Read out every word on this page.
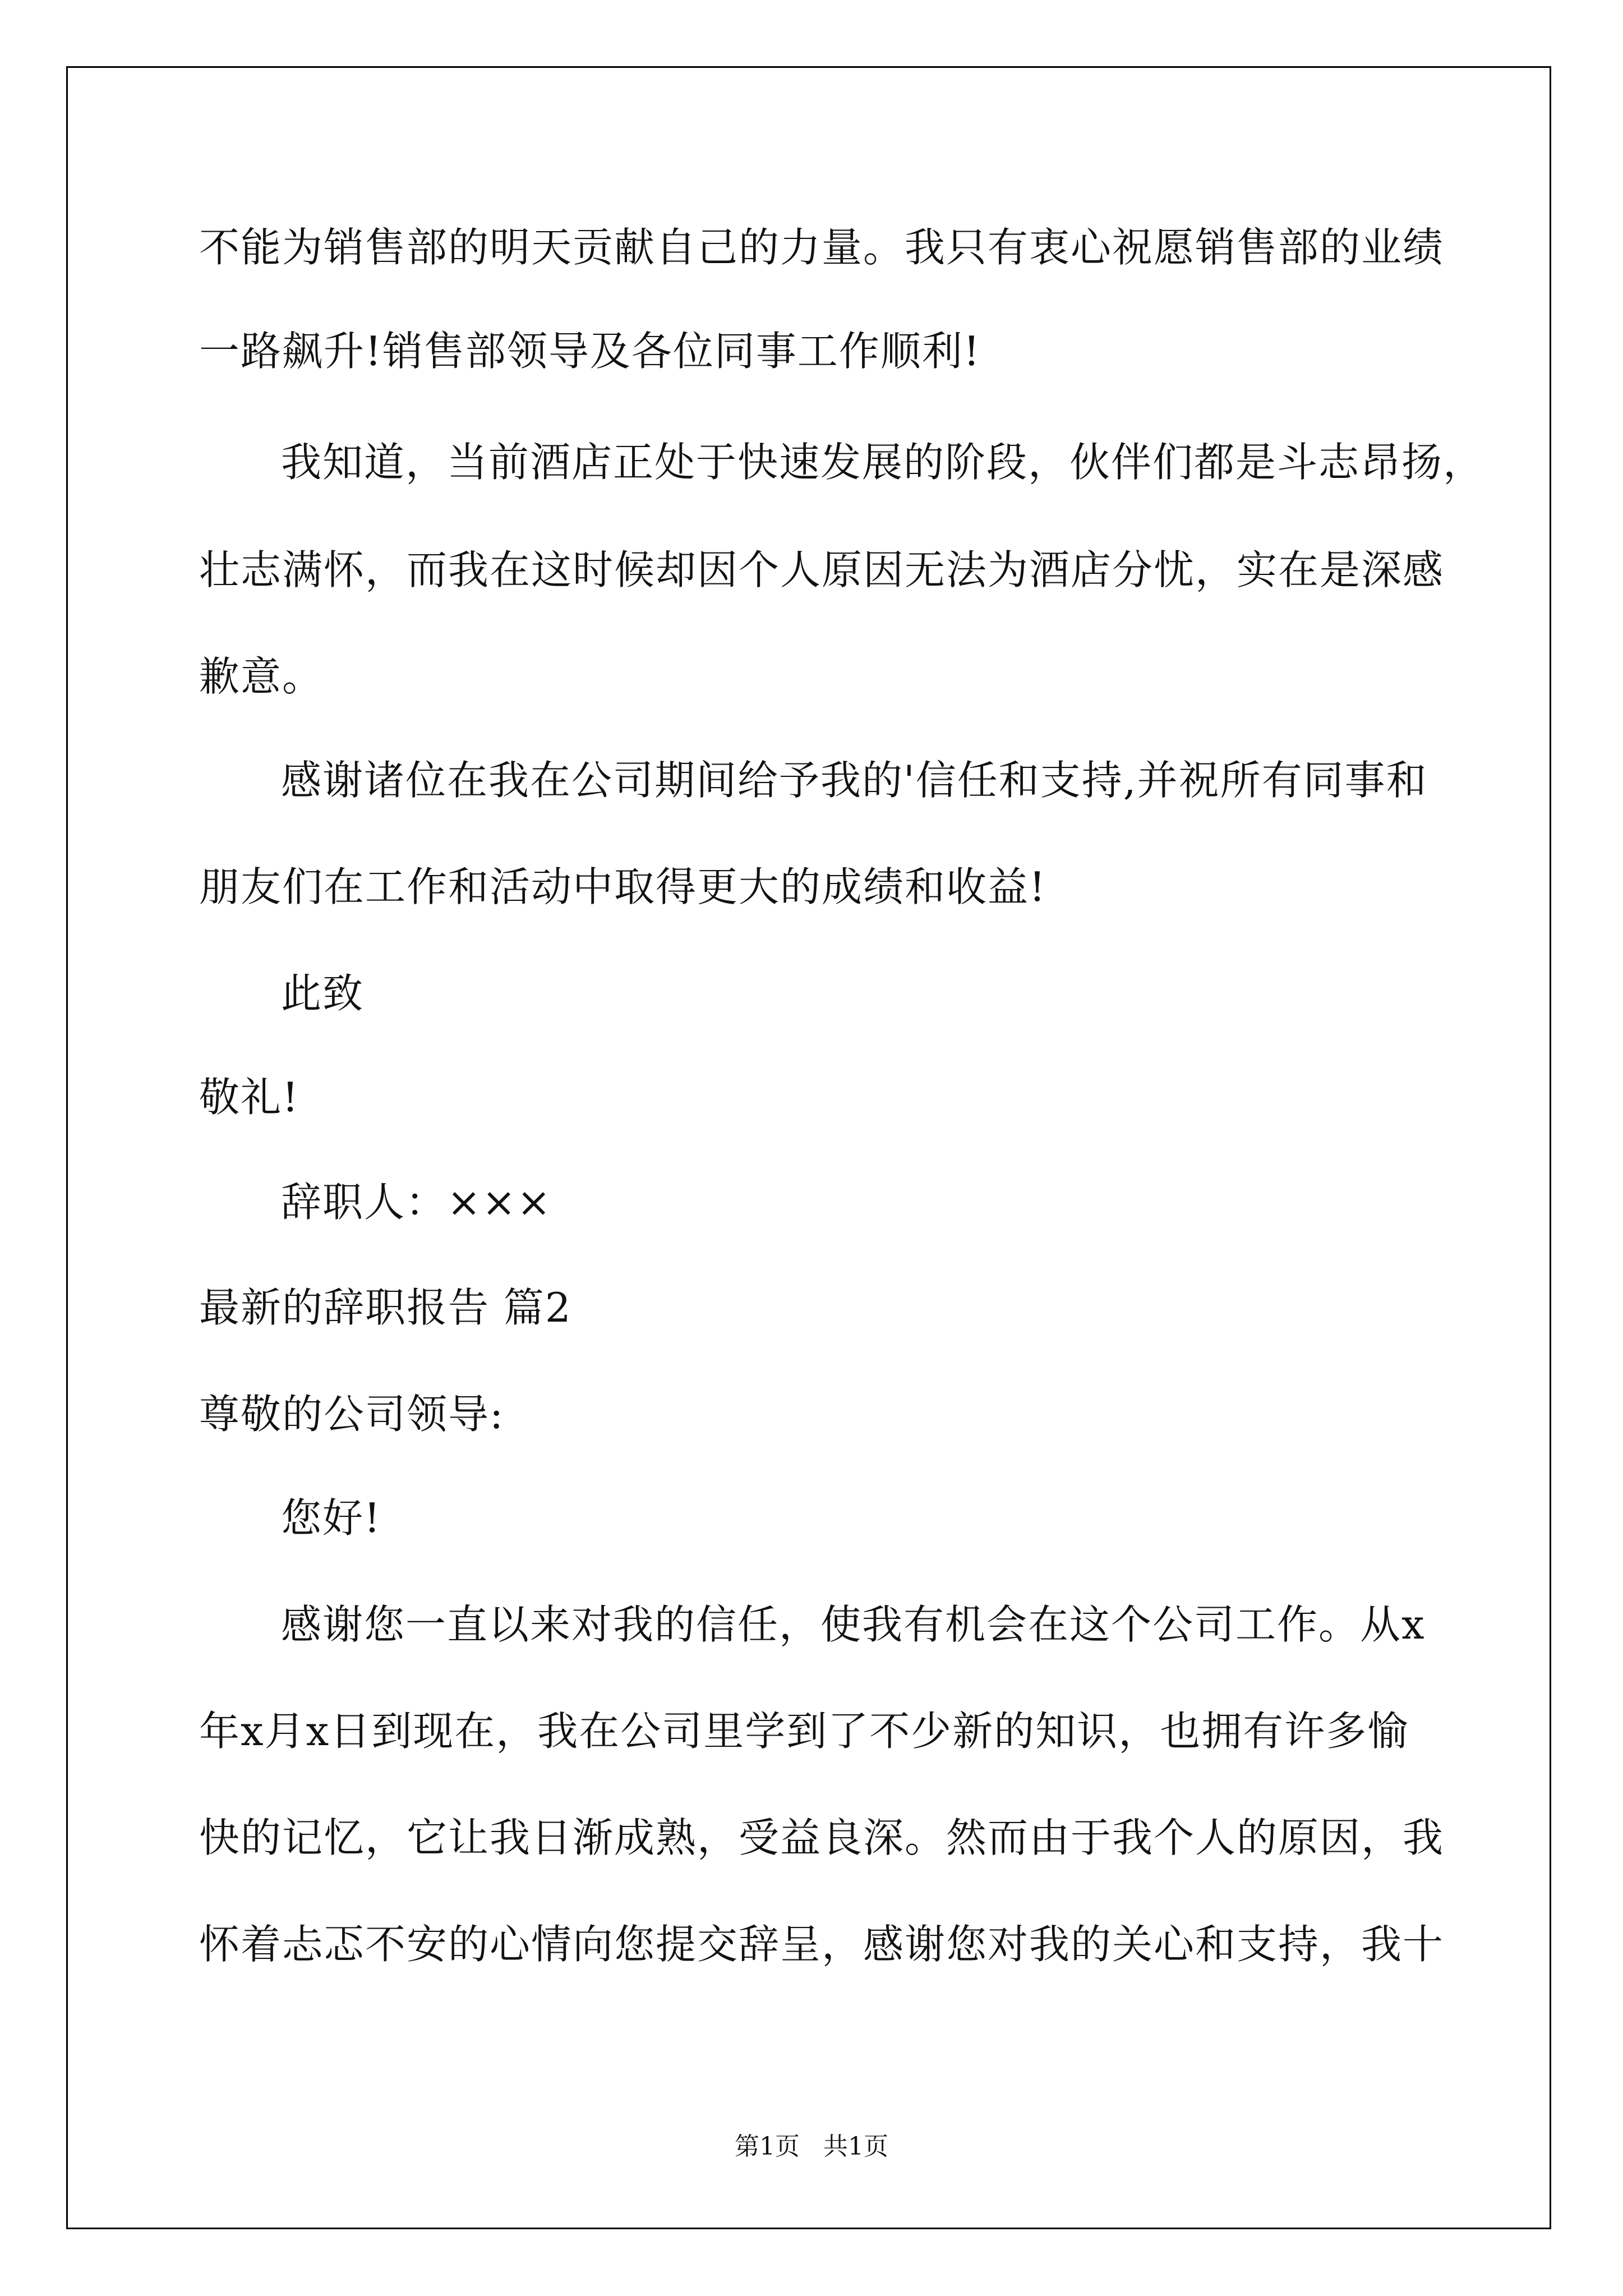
不能为销售部的明天贡献自己的力量。我只有衷心祝愿销售部的业绩
一路飙升!销售部领导及各位同事工作顺利!
我知道，当前酒店正处于快速发展的阶段，伙伴们都是斗志昂扬，
壮志满怀，而我在这时候却因个人原因无法为酒店分忧，实在是深感
歉意。
感谢诸位在我在公司期间给予我的'信任和支持,并祝所有同事和
朋友们在工作和活动中取得更大的成绩和收益!
此致
敬礼!
辞职人：×××
最新的辞职报告 篇2
尊敬的公司领导:
您好!
感谢您一直以来对我的信任，使我有机会在这个公司工作。从x
年x月x日到现在，我在公司里学到了不少新的知识，也拥有许多愉
快的记忆，它让我日渐成熟，受益良深。然而由于我个人的原因，我
怀着忐忑不安的心情向您提交辞呈，感谢您对我的关心和支持，我十
第1页   共1页
